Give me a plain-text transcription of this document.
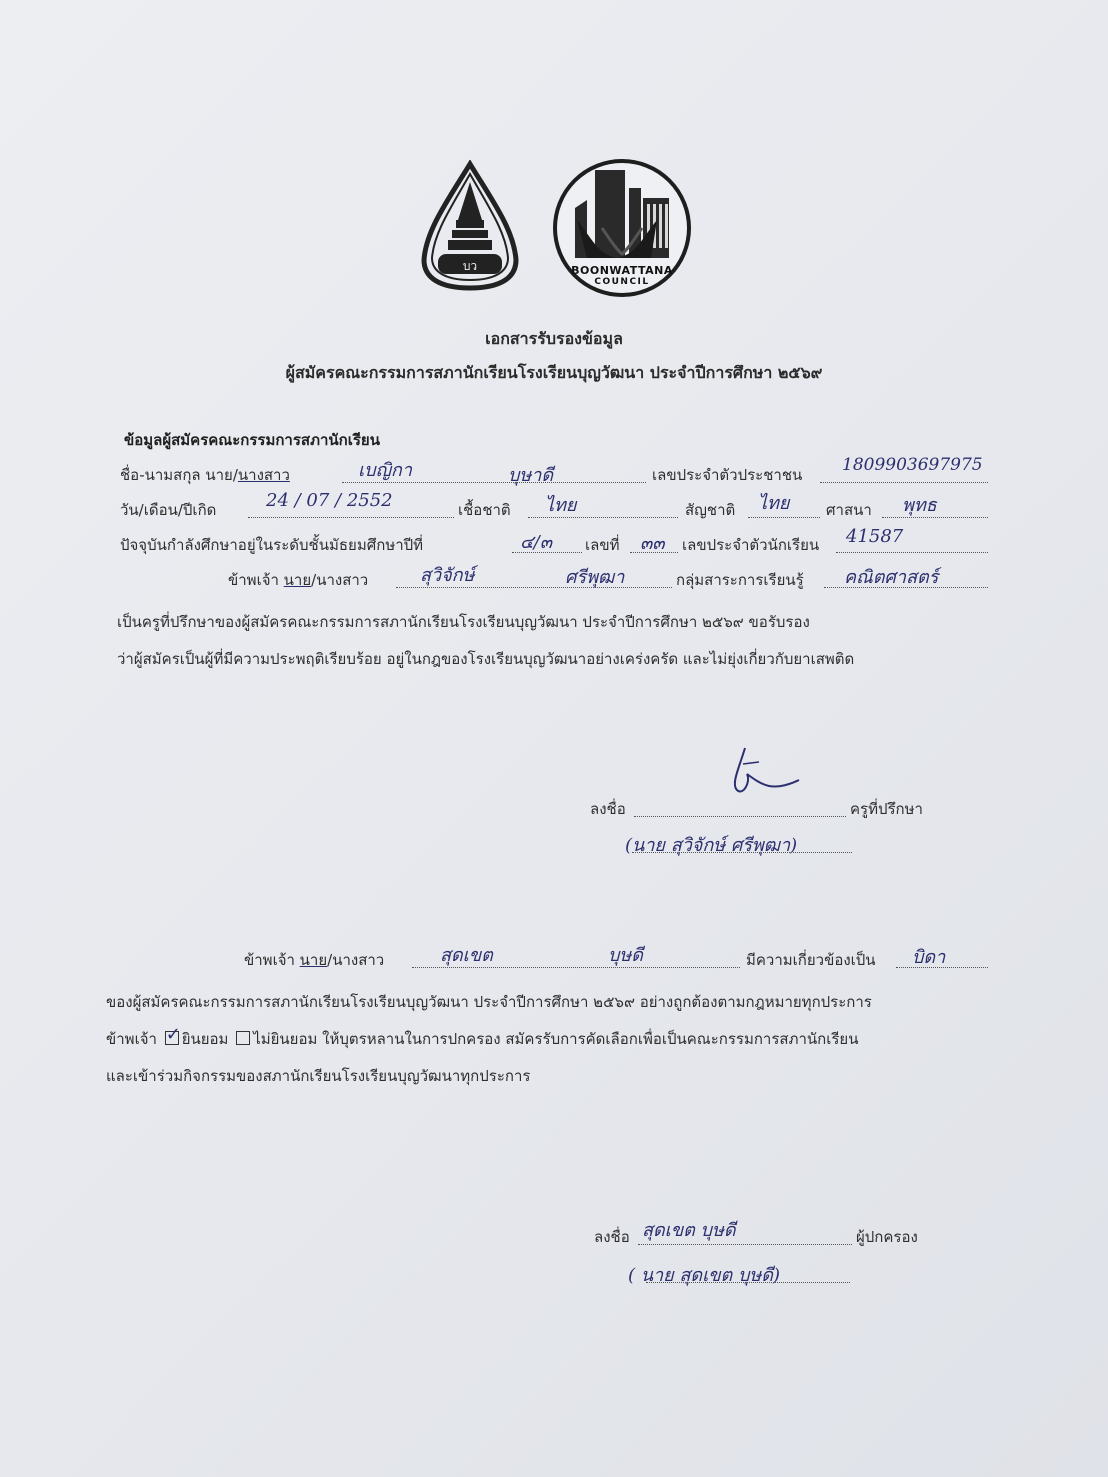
บว	BOONWATTANA
COUNCIL
เอกสารรับรองข้อมูล
ผู้สมัครคณะกรรมการสภานักเรียนโรงเรียนบุญวัฒนา ประจำปีการศึกษา ๒๕๖๙
ข้อมูลผู้สมัครคณะกรรมการสภานักเรียน
ชื่อ-นามสกุล นาย/นางสาว	เบญิกา	บุษาดี	เลขประจำตัวประชาชน 1809903697975
วัน/เดือน/ปีเกิด	24 / 07 / 2552	เชื้อชาติ ไทย	สัญชาติ ไทย ศาสนา พุทธ
ปัจจุบันกำลังศึกษาอยู่ในระดับชั้นมัธยมศึกษาปีที่	๔/๓ เลขที่ ๓๓ เลขประจำตัวนักเรียน 41587
ข้าพเจ้า นาย/นางสาว	สุวิจักษ์	ศรีพุฒา	กลุ่มสาระการเรียนรู้ คณิตศาสตร์
เป็นครูที่ปรึกษาของผู้สมัครคณะกรรมการสภานักเรียนโรงเรียนบุญวัฒนา ประจำปีการศึกษา ๒๕๖๙ ขอรับรอง
ว่าผู้สมัครเป็นผู้ที่มีความประพฤติเรียบร้อย อยู่ในกฎของโรงเรียนบุญวัฒนาอย่างเคร่งครัด และไม่ยุ่งเกี่ยวกับยาเสพติด
ลงชื่อ	ครูที่ปรึกษา
(นาย สุวิจักษ์ ศรีพุฒา)
ข้าพเจ้า นาย/นางสาว	สุดเขต	บุษดี	มีความเกี่ยวข้องเป็น บิดา
ของผู้สมัครคณะกรรมการสภานักเรียนโรงเรียนบุญวัฒนา ประจำปีการศึกษา ๒๕๖๙ อย่างถูกต้องตามกฎหมายทุกประการ
ข้าพเจ้า ✓ ยินยอม ไม่ยินยอม ให้บุตรหลานในการปกครอง สมัครรับการคัดเลือกเพื่อเป็นคณะกรรมการสภานักเรียน
และเข้าร่วมกิจกรรมของสภานักเรียนโรงเรียนบุญวัฒนาทุกประการ
ลงชื่อ สุดเขต บุษดี	ผู้ปกครอง
( นาย สุดเขต บุษดี)
